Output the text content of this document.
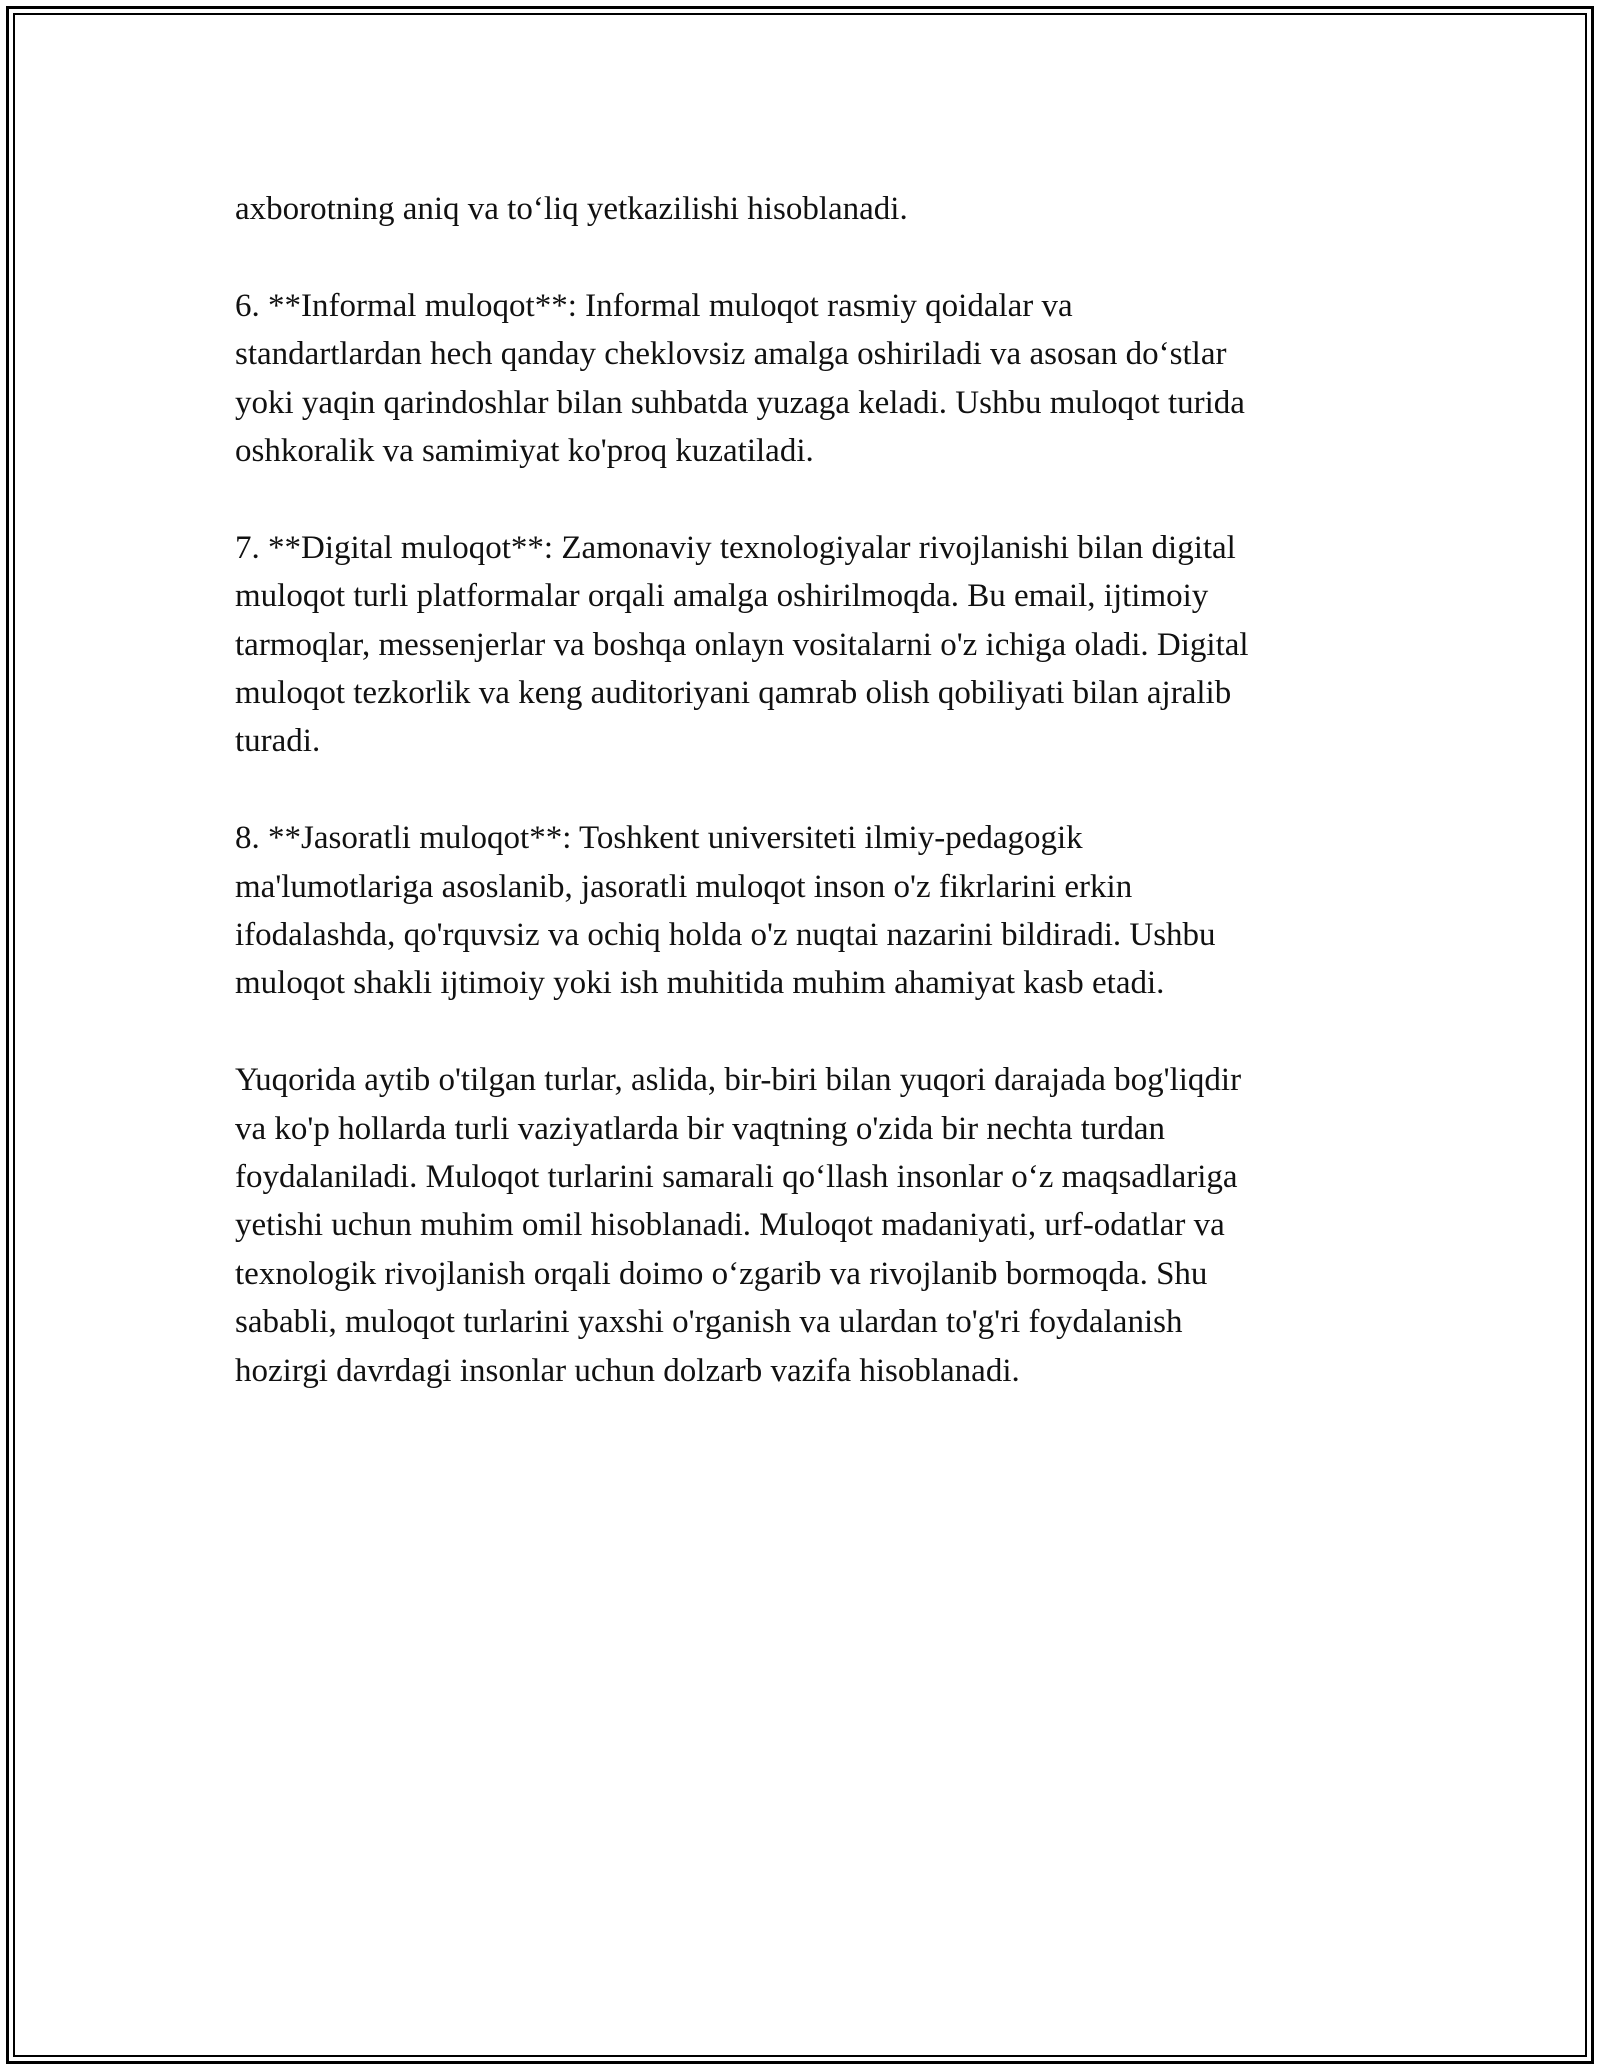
axborotning aniq va to‘liq yetkazilishi hisoblanadi.

6. **Informal muloqot**: Informal muloqot rasmiy qoidalar va
standartlardan hech qanday cheklovsiz amalga oshiriladi va asosan do‘stlar
yoki yaqin qarindoshlar bilan suhbatda yuzaga keladi. Ushbu muloqot turida
oshkoralik va samimiyat ko'proq kuzatiladi.

7. **Digital muloqot**: Zamonaviy texnologiyalar rivojlanishi bilan digital
muloqot turli platformalar orqali amalga oshirilmoqda. Bu email, ijtimoiy
tarmoqlar, messenjerlar va boshqa onlayn vositalarni o'z ichiga oladi. Digital
muloqot tezkorlik va keng auditoriyani qamrab olish qobiliyati bilan ajralib
turadi.

8. **Jasoratli muloqot**: Toshkent universiteti ilmiy-pedagogik
ma'lumotlariga asoslanib, jasoratli muloqot inson o'z fikrlarini erkin
ifodalashda, qo'rquvsiz va ochiq holda o'z nuqtai nazarini bildiradi. Ushbu
muloqot shakli ijtimoiy yoki ish muhitida muhim ahamiyat kasb etadi.

Yuqorida aytib o'tilgan turlar, aslida, bir-biri bilan yuqori darajada bog'liqdir
va ko'p hollarda turli vaziyatlarda bir vaqtning o'zida bir nechta turdan
foydalaniladi. Muloqot turlarini samarali qo‘llash insonlar o‘z maqsadlariga
yetishi uchun muhim omil hisoblanadi. Muloqot madaniyati, urf-odatlar va
texnologik rivojlanish orqali doimo o‘zgarib va rivojlanib bormoqda. Shu
sababli, muloqot turlarini yaxshi o'rganish va ulardan to'g'ri foydalanish
hozirgi davrdagi insonlar uchun dolzarb vazifa hisoblanadi.
